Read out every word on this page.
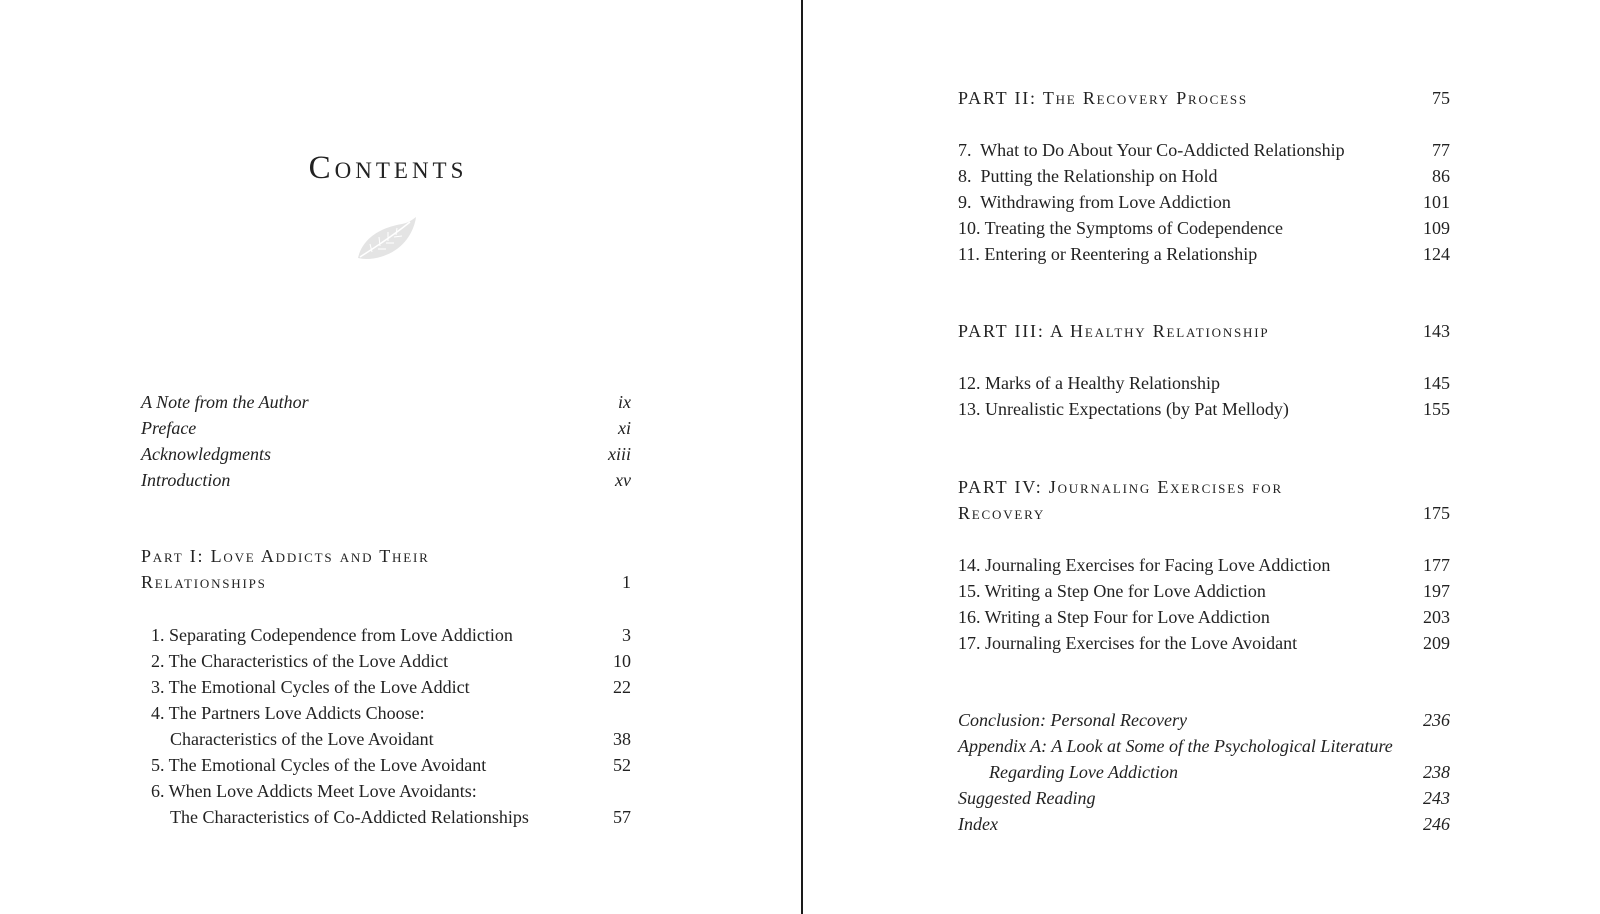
Contents
A Note from the Author	ix
Preface	xi
Acknowledgments	xiii
Introduction	xv
Part I: Love Addicts and Their
Relationships	1
1. Separating Codependence from Love Addiction	3
2. The Characteristics of the Love Addict	10
3. The Emotional Cycles of the Love Addict	22
4. The Partners Love Addicts Choose:
Characteristics of the Love Avoidant	38
5. The Emotional Cycles of the Love Avoidant	52
6. When Love Addicts Meet Love Avoidants:
The Characteristics of Co-Addicted Relationships	57
PART II: The Recovery Process	75
7.  What to Do About Your Co-Addicted Relationship	77
8.  Putting the Relationship on Hold	86
9.  Withdrawing from Love Addiction	101
10. Treating the Symptoms of Codependence	109
11. Entering or Reentering a Relationship	124
PART III: A Healthy Relationship	143
12. Marks of a Healthy Relationship	145
13. Unrealistic Expectations (by Pat Mellody)	155
PART IV: Journaling Exercises for
Recovery	175
14. Journaling Exercises for Facing Love Addiction	177
15. Writing a Step One for Love Addiction	197
16. Writing a Step Four for Love Addiction	203
17. Journaling Exercises for the Love Avoidant	209
Conclusion: Personal Recovery	236
Appendix A: A Look at Some of the Psychological Literature
Regarding Love Addiction	238
Suggested Reading	243
Index	246
